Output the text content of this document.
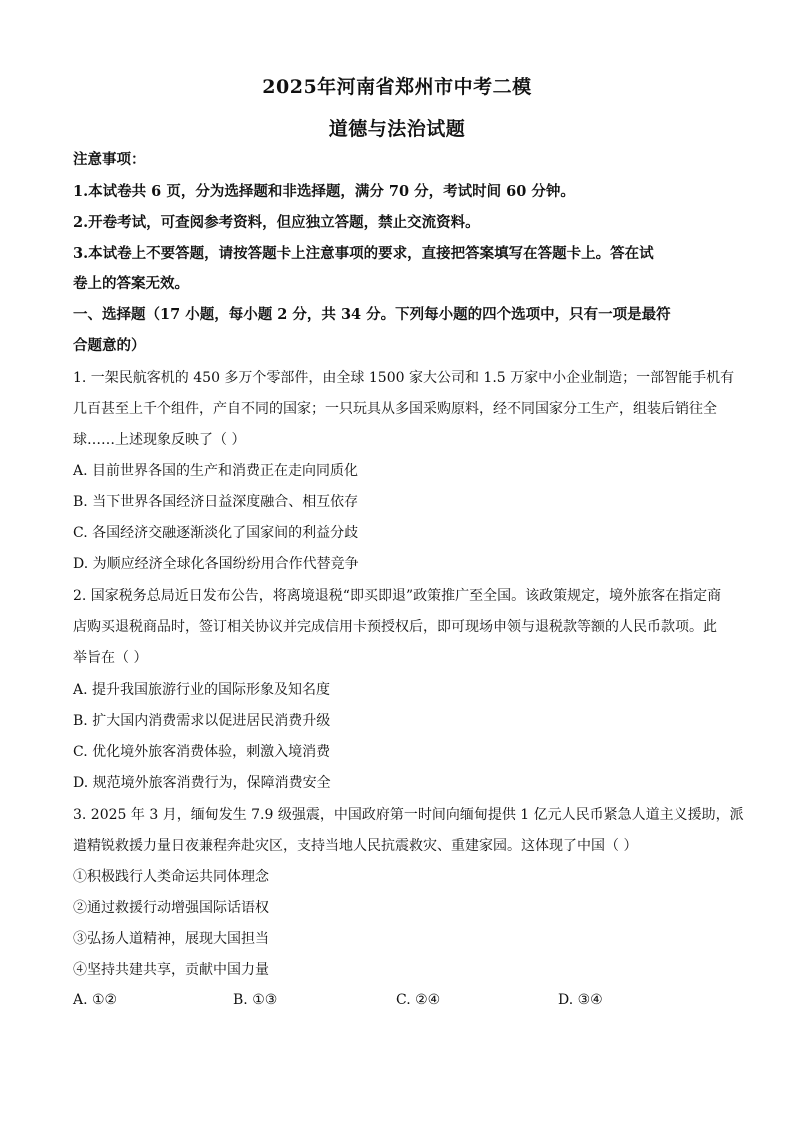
2025年河南省郑州市中考二模
道德与法治试题
注意事项：
1.本试卷共 6 页，分为选择题和非选择题，满分 70 分，考试时间 60 分钟。
2.开卷考试，可查阅参考资料，但应独立答题，禁止交流资料。
3.本试卷上不要答题，请按答题卡上注意事项的要求，直接把答案填写在答题卡上。答在试
卷上的答案无效。
一、选择题（17 小题，每小题 2 分，共 34 分。下列每小题的四个选项中，只有一项是最符
合题意的）
1. 一架民航客机的 450 多万个零部件，由全球 1500 家大公司和 1.5 万家中小企业制造；一部智能手机有
几百甚至上千个组件，产自不同的国家；一只玩具从多国采购原料，经不同国家分工生产，组装后销往全
球……上述现象反映了（ ）
A. 目前世界各国的生产和消费正在走向同质化
B. 当下世界各国经济日益深度融合、相互依存
C. 各国经济交融逐渐淡化了国家间的利益分歧
D. 为顺应经济全球化各国纷纷用合作代替竞争
2. 国家税务总局近日发布公告，将离境退税“即买即退”政策推广至全国。该政策规定，境外旅客在指定商
店购买退税商品时，签订相关协议并完成信用卡预授权后，即可现场申领与退税款等额的人民币款项。此
举旨在（ ）
A. 提升我国旅游行业的国际形象及知名度
B. 扩大国内消费需求以促进居民消费升级
C. 优化境外旅客消费体验，刺激入境消费
D. 规范境外旅客消费行为，保障消费安全
3. 2025 年 3 月，缅甸发生 7.9 级强震，中国政府第一时间向缅甸提供 1 亿元人民币紧急人道主义援助，派
遣精锐救援力量日夜兼程奔赴灾区，支持当地人民抗震救灾、重建家园。这体现了中国（ ）
①积极践行人类命运共同体理念
②通过救援行动增强国际话语权
③弘扬人道精神，展现大国担当
④坚持共建共享，贡献中国力量
A. ①②	B. ①③	C. ②④	D. ③④
